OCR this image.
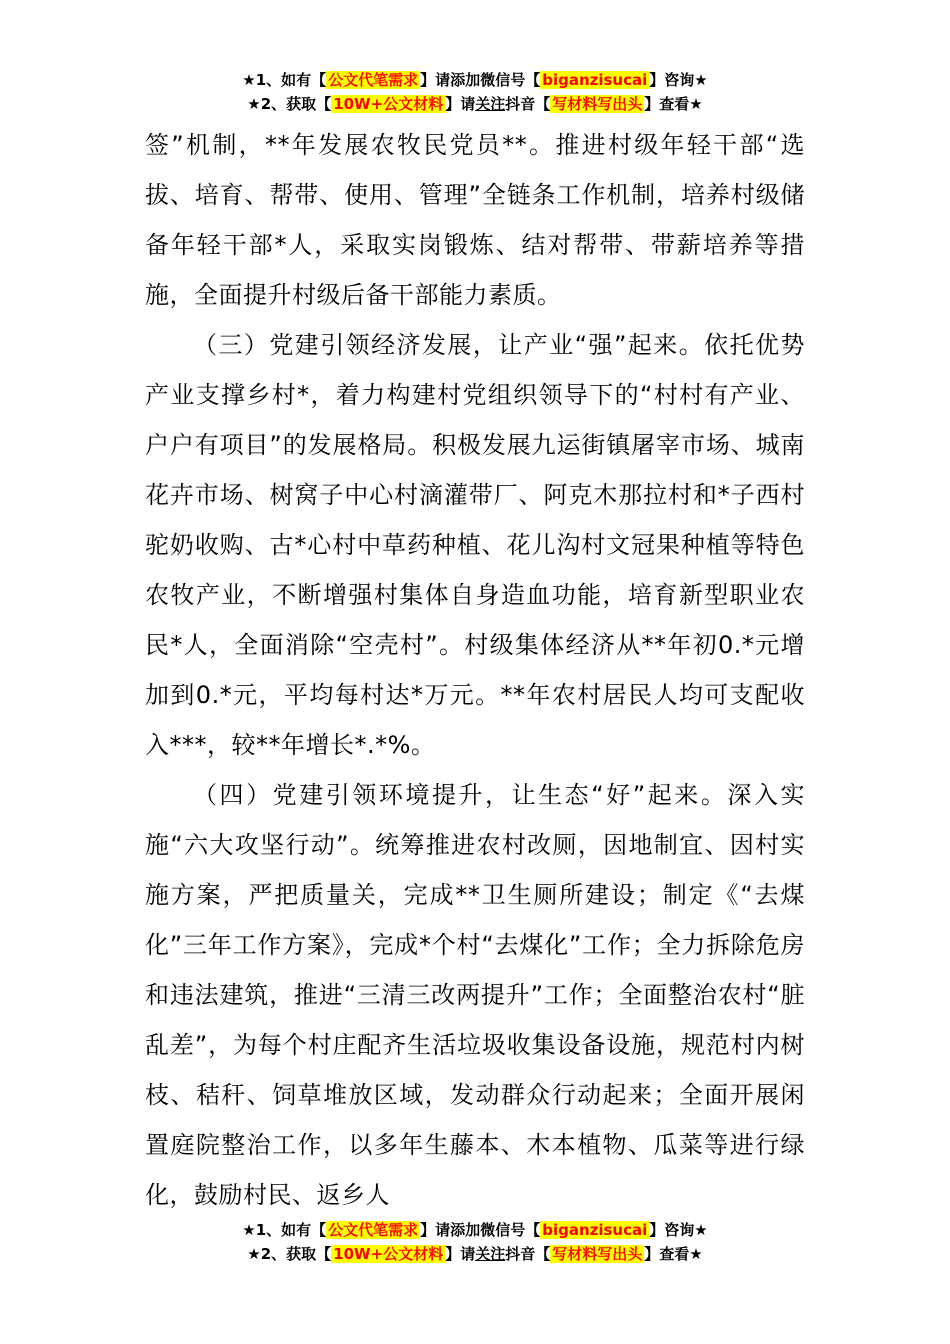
★1、如有【 公文代笔需求 】请添加微信号【 biganzisucai 】咨询★
★2、获取【 10W+公文材料 】请关注抖音【 写材料写出头 】查看★

签”机制，**年发展农牧民党员**。推进村级年轻干部“选拔、培育、帮带、使用、管理”全链条工作机制，培养村级储备年轻干部*人，采取实岗锻炼、结对帮带、带薪培养等措施，全面提升村级后备干部能力素质。

（三）党建引领经济发展，让产业“强”起来。依托优势产业支撑乡村*，着力构建村党组织领导下的“村村有产业、户户有项目”的发展格局。积极发展九运街镇屠宰市场、城南花卉市场、树窝子中心村滴灌带厂、阿克木那拉村和*子西村驼奶收购、古*心村中草药种植、花儿沟村文冠果种植等特色农牧产业，不断增强村集体自身造血功能，培育新型职业农民*人，全面消除“空壳村”。村级集体经济从**年初0.*元增加到0.*元，平均每村达*万元。**年农村居民人均可支配收入***，较**年增长*.*%。

（四）党建引领环境提升，让生态“好”起来。深入实施“六大攻坚行动”。统筹推进农村改厕，因地制宜、因村实施方案，严把质量关，完成**卫生厕所建设；制定《“去煤化”三年工作方案》，完成*个村“去煤化”工作；全力拆除危房和违法建筑，推进“三清三改两提升”工作；全面整治农村“脏乱差”，为每个村庄配齐生活垃圾收集设备设施，规范村内树枝、秸秆、饲草堆放区域，发动群众行动起来；全面开展闲置庭院整治工作，以多年生藤本、木本植物、瓜菜等进行绿化，鼓励村民、返乡人

★1、如有【 公文代笔需求 】请添加微信号【 biganzisucai 】咨询★
★2、获取【 10W+公文材料 】请关注抖音【 写材料写出头 】查看★
